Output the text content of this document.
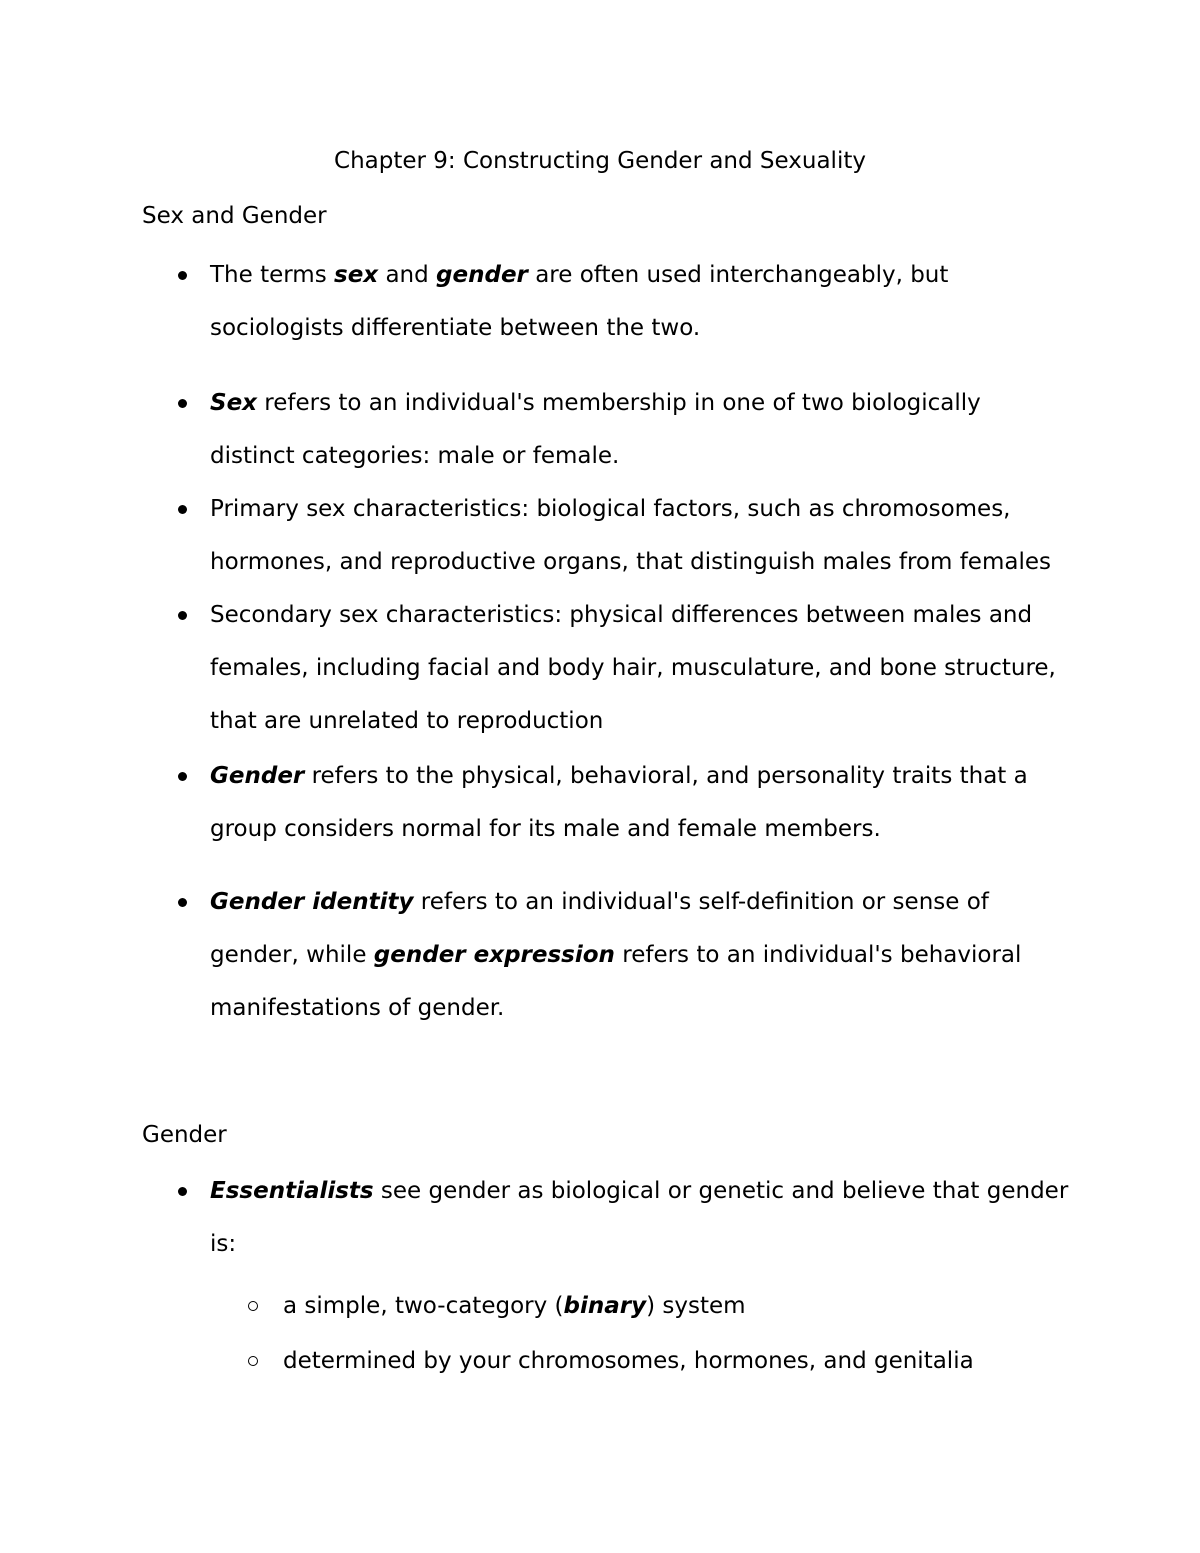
Chapter 9: Constructing Gender and Sexuality
Sex and Gender
The terms sex and gender are often used interchangeably, but
sociologists differentiate between the two.
Sex refers to an individual's membership in one of two biologically
distinct categories: male or female.
Primary sex characteristics: biological factors, such as chromosomes,
hormones, and reproductive organs, that distinguish males from females
Secondary sex characteristics: physical differences between males and
females, including facial and body hair, musculature, and bone structure,
that are unrelated to reproduction
Gender refers to the physical, behavioral, and personality traits that a
group considers normal for its male and female members.
Gender identity refers to an individual's self-definition or sense of
gender, while gender expression refers to an individual's behavioral
manifestations of gender.
Gender
Essentialists see gender as biological or genetic and believe that gender
is:
a simple, two-category (binary) system
determined by your chromosomes, hormones, and genitalia
